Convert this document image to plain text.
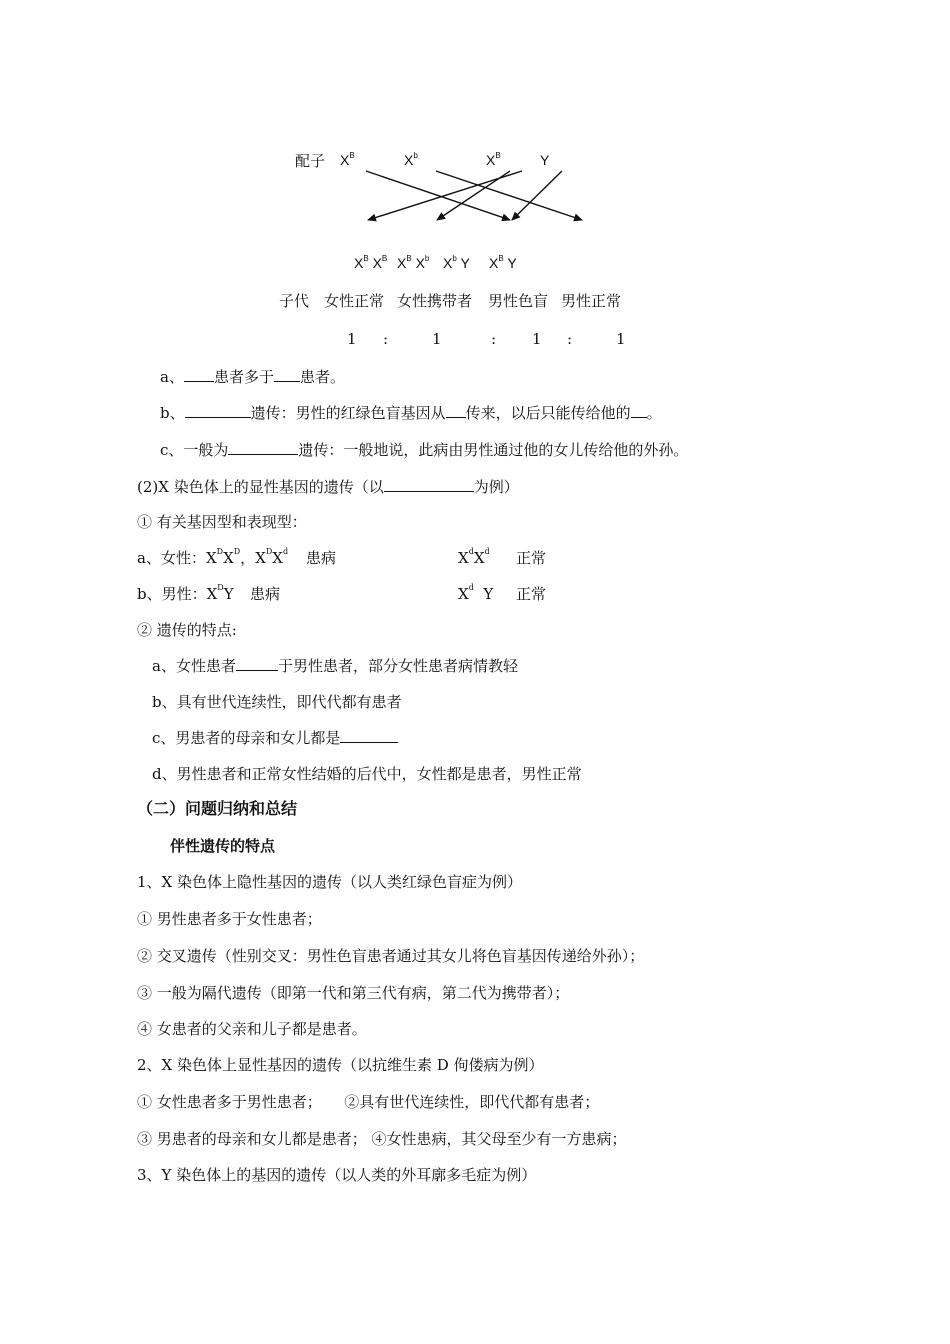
配子 $X^B$	$X^b$	$X^B$	Y
$X^B$ $X^B$ $X^B$ $X^b$ $X^b$ Y $X^B$ Y
子代 女性正常 女性携带者 男性色盲 男性正常
1 :	1	: 1 :	1
a、 患者多于 患者。
b、	遗传：男性的红绿色盲基因从 传来，以后只能传给他的 。
c、一般为	遗传：一般地说，此病由男性通过他的女儿传给他的外孙。
(2)X 染色体上的显性基因的遗传（以	为例）
① 有关基因型和表现型：
a、女性：$X^DX^D$，$X^DX^d$ 患病	$X^dX^d$ 正常
b、男性：$X^DY$ 患病	$X^d$ Y 正常
② 遗传的特点:
a、女性患者	于男性患者，部分女性患者病情教轻
b、具有世代连续性，即代代都有患者
c、男患者的母亲和女儿都是
d、男性患者和正常女性结婚的后代中，女性都是患者，男性正常
（二）问题归纳和总结
伴性遗传的特点
1、X 染色体上隐性基因的遗传（以人类红绿色盲症为例）
① 男性患者多于女性患者；
② 交叉遗传（性别交叉：男性色盲患者通过其女儿将色盲基因传递给外孙）；
③ 一般为隔代遗传（即第一代和第三代有病，第二代为携带者）；
④ 女患者的父亲和儿子都是患者。
2、X 染色体上显性基因的遗传（以抗维生素 D 佝偻病为例）
① 女性患者多于男性患者；　　②具有世代连续性，即代代都有患者；
③ 男患者的母亲和女儿都是患者； ④女性患病，其父母至少有一方患病；
3、Y 染色体上的基因的遗传（以人类的外耳廓多毛症为例）
